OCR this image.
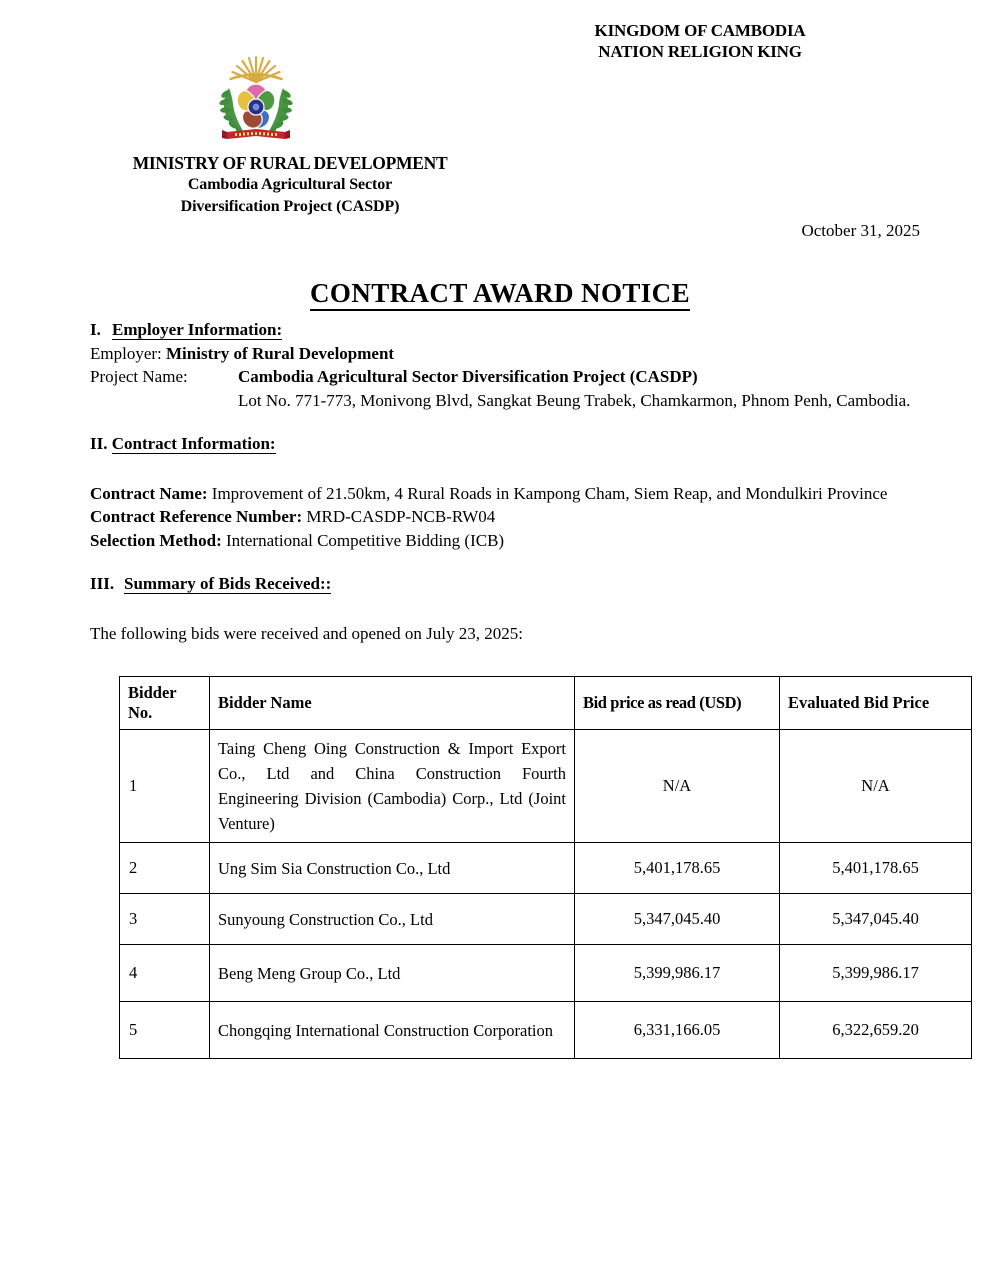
KINGDOM OF CAMBODIA
NATION RELIGION KING
MINISTRY OF RURAL DEVELOPMENT
Cambodia Agricultural Sector
Diversification Project (CASDP)
October 31, 2025
CONTRACT AWARD NOTICE
I. Employer Information:
Employer: Ministry of Rural Development
Project Name:	Cambodia Agricultural Sector Diversification Project (CASDP)
Lot No. 771-773, Monivong Blvd, Sangkat Beung Trabek, Chamkarmon, Phnom Penh, Cambodia.
II. Contract Information:
Contract Name: Improvement of 21.50km, 4 Rural Roads in Kampong Cham, Siem Reap, and Mondulkiri Province
Contract Reference Number: MRD-CASDP-NCB-RW04
Selection Method: International Competitive Bidding (ICB)
III. Summary of Bids Received::
The following bids were received and opened on July 23, 2025:
Bidder
No.	Bidder Name	Bid price as read (USD)	Evaluated Bid Price
1	Taing Cheng Oing Construction & Import Export Co., Ltd and China Construction Fourth Engineering Division (Cambodia) Corp., Ltd (Joint Venture)	N/A	N/A
2	Ung Sim Sia Construction Co., Ltd	5,401,178.65	5,401,178.65
3	Sunyoung Construction Co., Ltd	5,347,045.40	5,347,045.40
4	Beng Meng Group Co., Ltd	5,399,986.17	5,399,986.17
5	Chongqing International Construction Corporation	6,331,166.05	6,322,659.20
